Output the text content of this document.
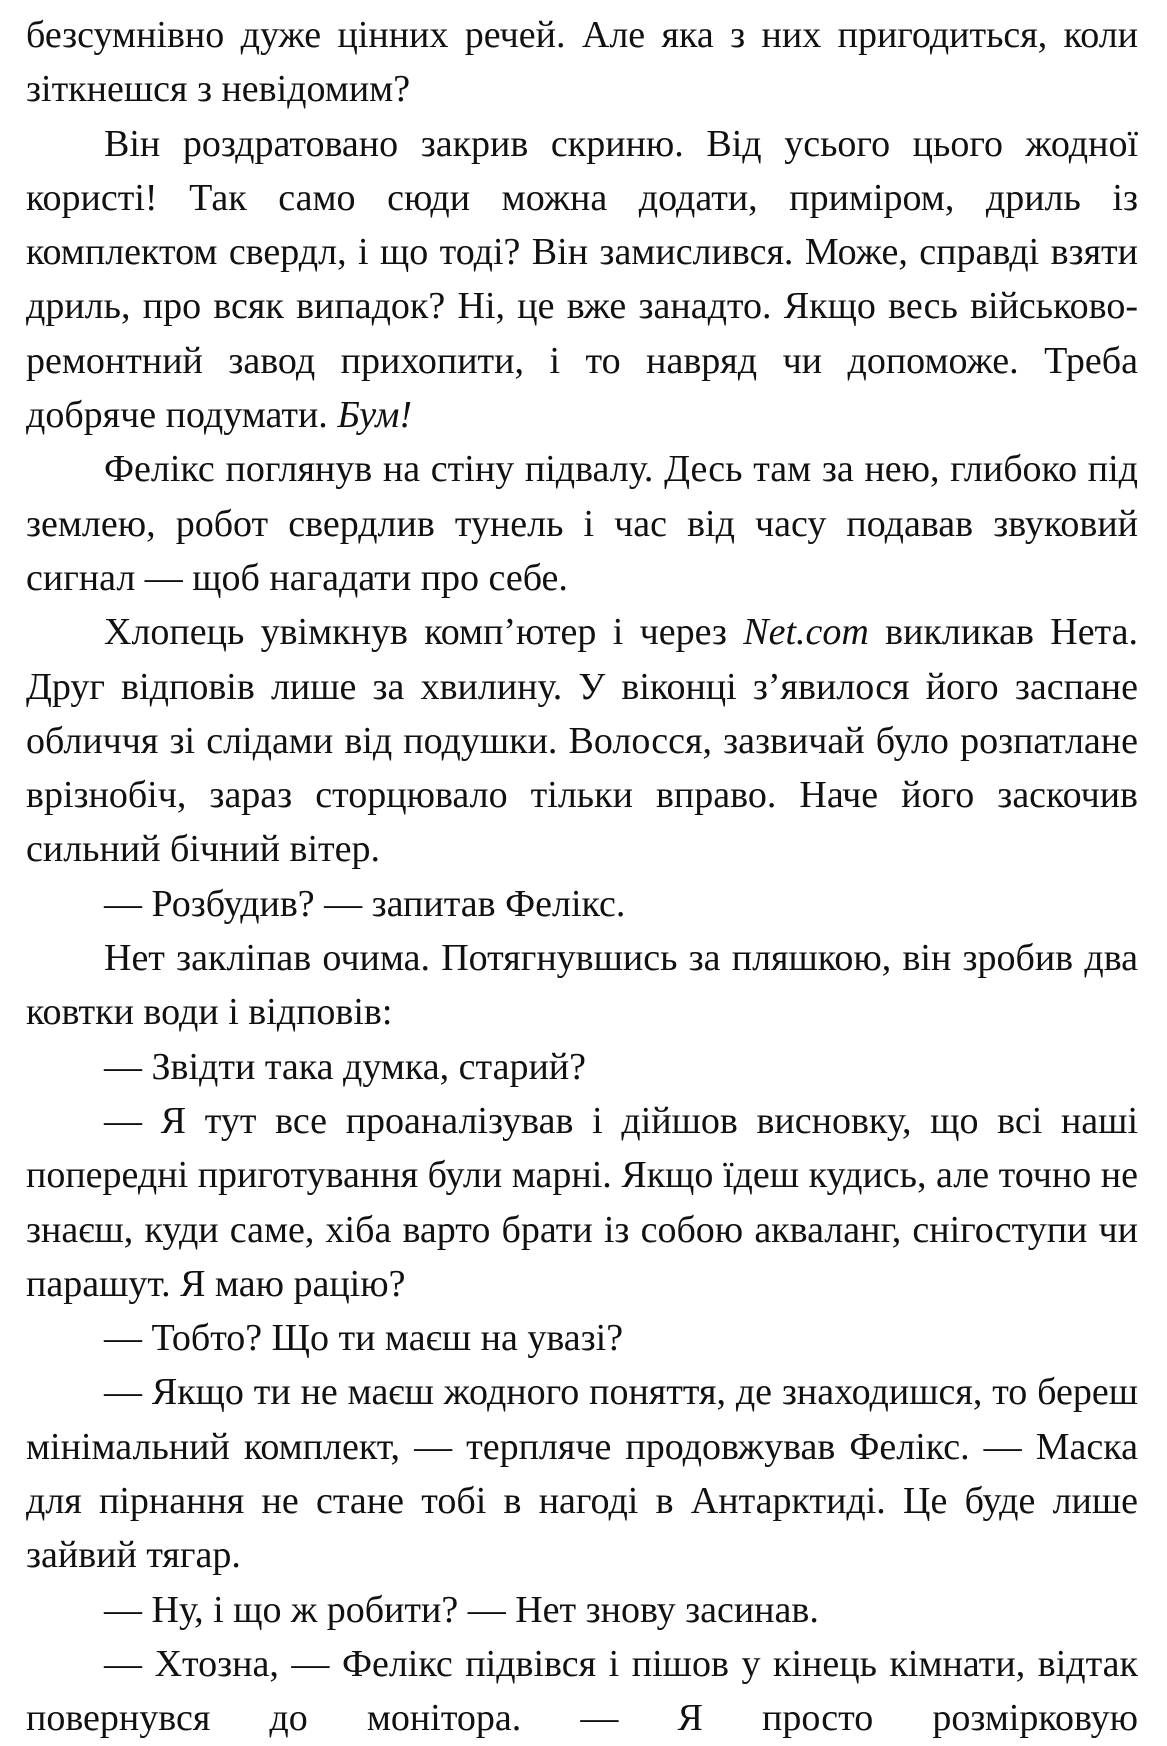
безсумнівно дуже цінних речей. Але яка з них пригодиться, коли зіткнешся з невідомим?

Він роздратовано закрив скриню. Від усього цього жодної користі! Так само сюди можна додати, приміром, дриль із комплектом свердл, і що тоді? Він замислився. Може, справді взяти дриль, про всяк випадок? Ні, це вже занадто. Якщо весь військово-ремонтний завод прихопити, і то навряд чи допоможе. Треба добряче подумати. Бум!

Фелікс поглянув на стіну підвалу. Десь там за нею, глибоко під землею, робот свердлив тунель і час від часу подавав звуковий сигнал — щоб нагадати про себе.

Хлопець увімкнув комп’ютер і через Net.com викликав Нета. Друг відповів лише за хвилину. У віконці з’явилося його заспане обличчя зі слідами від подушки. Волосся, зазвичай було розпатлане врізнобіч, зараз сторцювало тільки вправо. Наче його заскочив сильний бічний вітер.

— Розбудив? — запитав Фелікс.

Нет закліпав очима. Потягнувшись за пляшкою, він зробив два ковтки води і відповів:

— Звідти така думка, старий?

— Я тут все проаналізував і дійшов висновку, що всі наші попередні приготування були марні. Якщо їдеш кудись, але точно не знаєш, куди саме, хіба варто брати із собою акваланг, снігоступи чи парашут. Я маю рацію?

— Тобто? Що ти маєш на увазі?

— Якщо ти не маєш жодного поняття, де знаходишся, то береш мінімальний комплект, — терпляче продовжував Фелікс. — Маска для пірнання не стане тобі в нагоді в Антарктиді. Це буде лише зайвий тягар.

— Ну, і що ж робити? — Нет знову засинав.

— Хтозна, — Фелікс підвівся і пішов у кінець кімнати, відтак повернувся до монітора. — Я просто розмірковую
